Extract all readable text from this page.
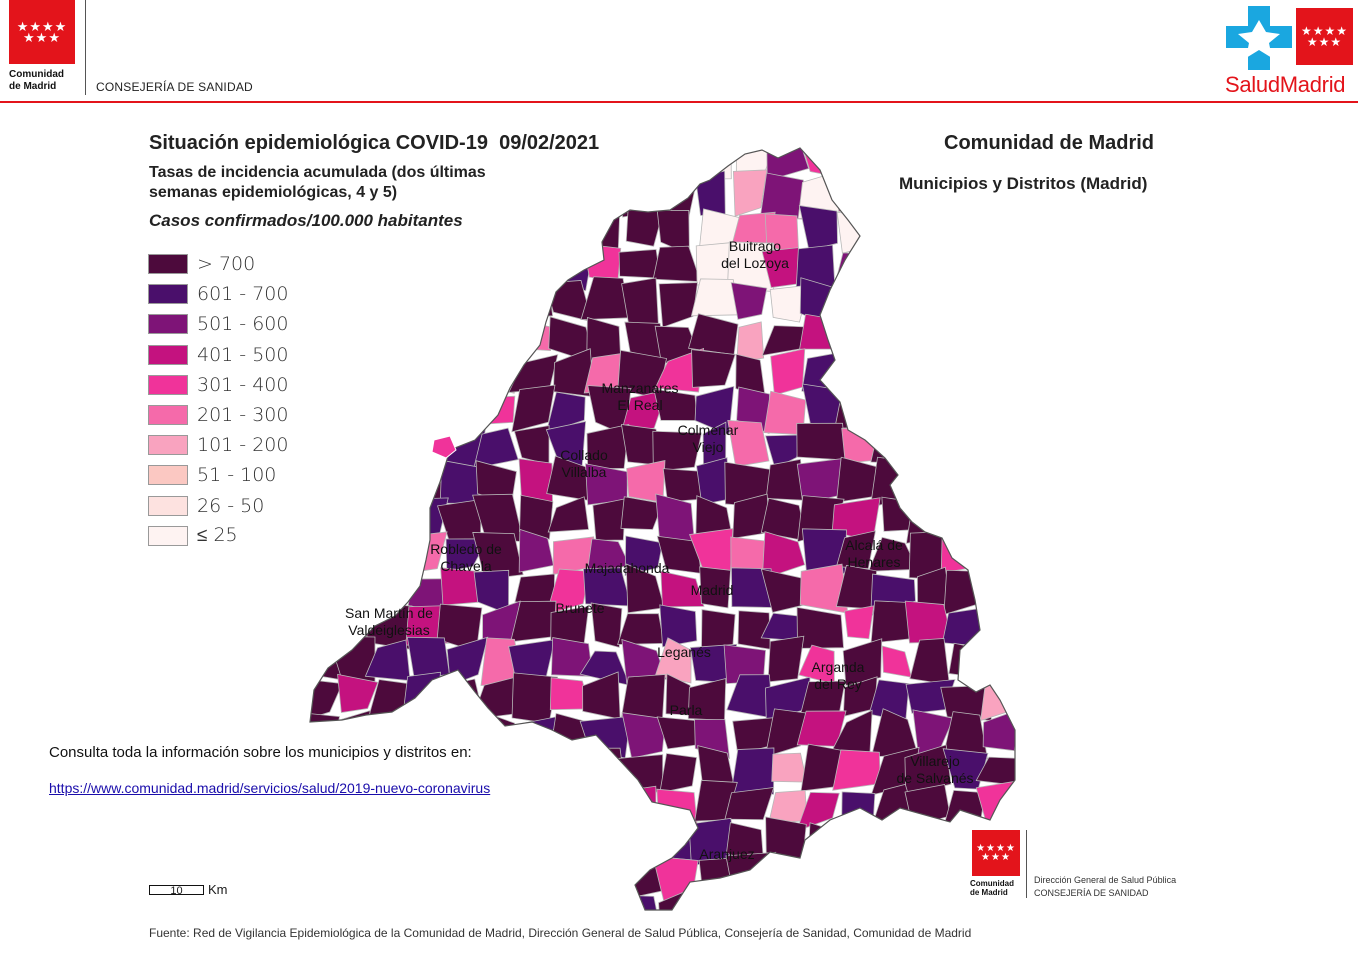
★★★★
★★★
Comunidad
de Madrid	CONSEJERÍA DE SANIDAD
★★★★
★★★
SaludMadrid
Situación epidemiológica COVID-19  09/02/2021
Tasas de incidencia acumulada (dos últimas
semanas epidemiológicas, 4 y 5)
Casos confirmados/100.000 habitantes
Comunidad de Madrid
Municipios y Distritos (Madrid)
> 700
601 - 700
501 - 600
401 - 500
301 - 400
201 - 300
101 - 200
51 - 100
26 - 50
≤ 25
Buitrago
del Lozoya
Manzanares
El Real
Colmenar
Viejo
Collado
Villalba
Robledo de
Chavela	Majadahonda
Alcalá de
Henares
San Martín de
Valdeiglesias
Brunete
Madrid
Leganés
Arganda
del Rey
Parla
Villarejo
de Salvanés
Aranjuez
Consulta toda la información sobre los municipios y distritos en:
https://www.comunidad.madrid/servicios/salud/2019-nuevo-coronavirus
10	Km
★★★★
★★★
Comunidad
de Madrid
Dirección General de Salud Pública
CONSEJERÍA DE SANIDAD
Fuente: Red de Vigilancia Epidemiológica de la Comunidad de Madrid, Dirección General de Salud Pública, Consejería de Sanidad, Comunidad de Madrid
